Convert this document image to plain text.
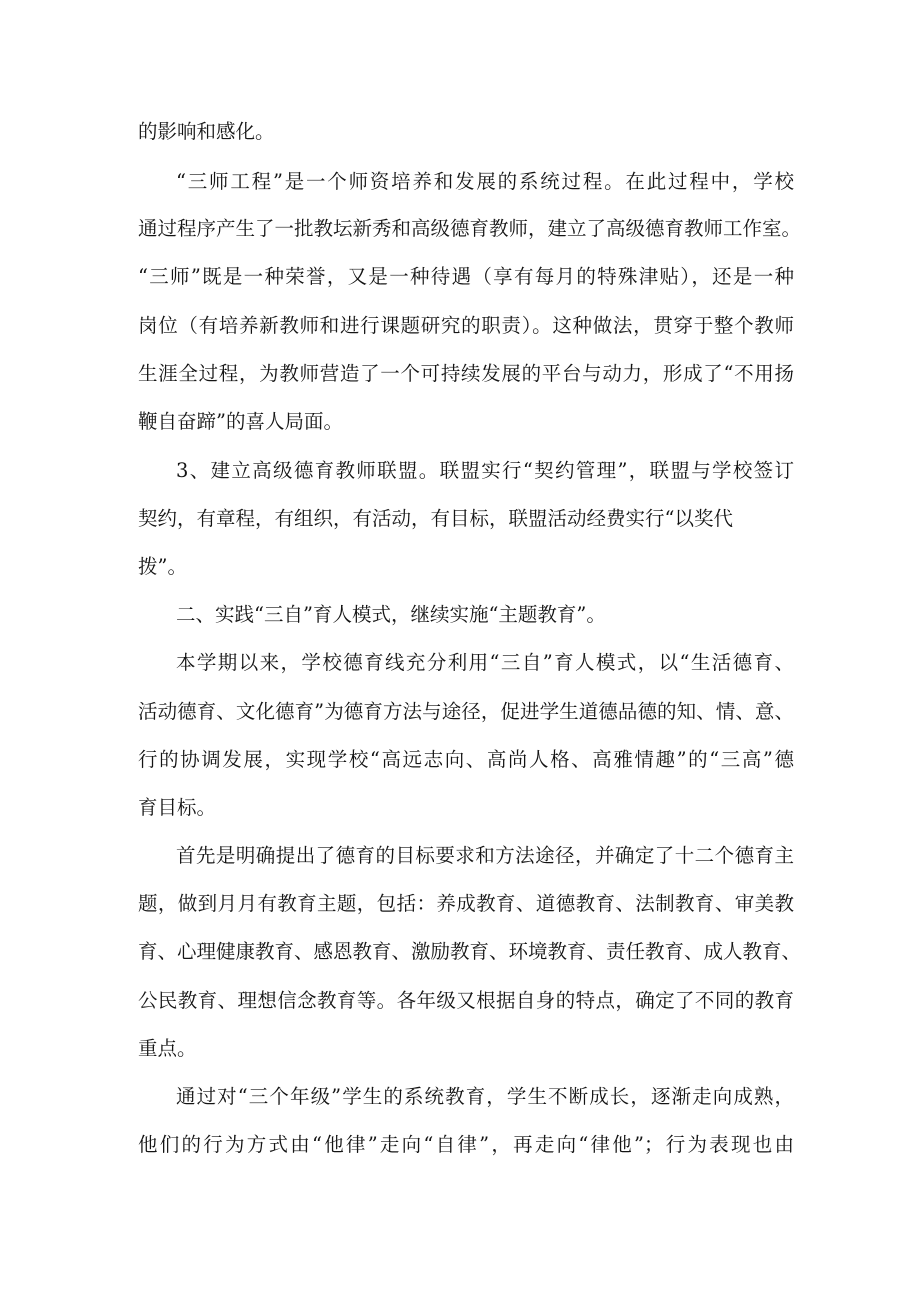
的影响和感化。
“三师工程”是一个师资培养和发展的系统过程。在此过程中，学校
通过程序产生了一批教坛新秀和高级德育教师，建立了高级德育教师工作室。
“三师”既是一种荣誉，又是一种待遇（享有每月的特殊津贴），还是一种
岗位（有培养新教师和进行课题研究的职责）。这种做法，贯穿于整个教师
生涯全过程，为教师营造了一个可持续发展的平台与动力，形成了“不用扬
鞭自奋蹄”的喜人局面。
3、建立高级德育教师联盟。联盟实行“契约管理”，联盟与学校签订
契约，有章程，有组织，有活动，有目标，联盟活动经费实行“以奖代
拨”。
二、实践“三自”育人模式，继续实施“主题教育”。
本学期以来，学校德育线充分利用“三自”育人模式，以“生活德育、
活动德育、文化德育”为德育方法与途径，促进学生道德品德的知、情、意、
行的协调发展，实现学校“高远志向、高尚人格、高雅情趣”的“三高”德
育目标。
首先是明确提出了德育的目标要求和方法途径，并确定了十二个德育主
题，做到月月有教育主题，包括：养成教育、道德教育、法制教育、审美教
育、心理健康教育、感恩教育、激励教育、环境教育、责任教育、成人教育、
公民教育、理想信念教育等。各年级又根据自身的特点，确定了不同的教育
重点。
通过对“三个年级”学生的系统教育，学生不断成长，逐渐走向成熟，
他们的行为方式由“他律”走向“自律”，再走向“律他”；行为表现也由
